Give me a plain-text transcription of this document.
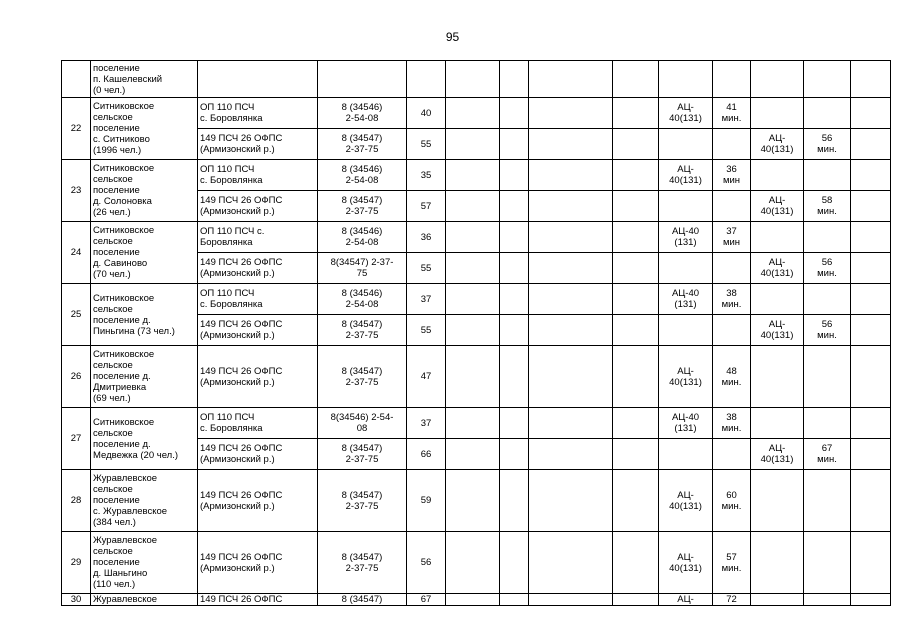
95
	поселение
п. Кашелевский
(0 чел.)												
22	Ситниковское
сельское
поселение
с. Ситниково
(1996 чел.)	ОП 110 ПСЧ
с. Боровлянка	8 (34546)
2-54-08	40					АЦ-
40(131)	41
мин.			
		149 ПСЧ 26 ОФПС
(Армизонский р.)	8 (34547)
2-37-75	55							АЦ-
40(131)	56
мин.	
23	Ситниковское
сельское
поселение
д. Солоновка
(26 чел.)	ОП 110 ПСЧ
с. Боровлянка	8 (34546)
2-54-08	35					АЦ-
40(131)	36
мин			
		149 ПСЧ 26 ОФПС
(Армизонский р.)	8 (34547)
2-37-75	57							АЦ-
40(131)	58
мин.	
24	Ситниковское
сельское
поселение
д. Савиново
(70 чел.)	ОП 110 ПСЧ с.
Боровлянка	8 (34546)
2-54-08	36					АЦ-40
(131)	37
мин			
		149 ПСЧ 26 ОФПС
(Армизонский р.)	8(34547) 2-37-
75	55							АЦ-
40(131)	56
мин.	
25	Ситниковское
сельское
поселение д.
Пиньгина (73 чел.)	ОП 110 ПСЧ
с. Боровлянка	8 (34546)
2-54-08	37					АЦ-40
(131)	38
мин.			
		149 ПСЧ 26 ОФПС
(Армизонский р.)	8 (34547)
2-37-75	55							АЦ-
40(131)	56
мин.	
26	Ситниковское
сельское
поселение д.
Дмитриевка
(69 чел.)	149 ПСЧ 26 ОФПС
(Армизонский р.)	8 (34547)
2-37-75	47					АЦ-
40(131)	48
мин.			
27	Ситниковское
сельское
поселение д.
Медвежка (20 чел.)	ОП 110 ПСЧ
с. Боровлянка	8(34546) 2-54-
08	37					АЦ-40
(131)	38
мин.			
		149 ПСЧ 26 ОФПС
(Армизонский р.)	8 (34547)
2-37-75	66							АЦ-
40(131)	67
мин.	
28	Журавлевское
сельское
поселение
с. Журавлевское
(384 чел.)	149 ПСЧ 26 ОФПС
(Армизонский р.)	8 (34547)
2-37-75	59					АЦ-
40(131)	60
мин.			
29	Журавлевское
сельское
поселение
д. Шаньгино
(110 чел.)	149 ПСЧ 26 ОФПС
(Армизонский р.)	8 (34547)
2-37-75	56					АЦ-
40(131)	57
мин.			
30	Журавлевское	149 ПСЧ 26 ОФПС	8 (34547)	67					АЦ-	72			
